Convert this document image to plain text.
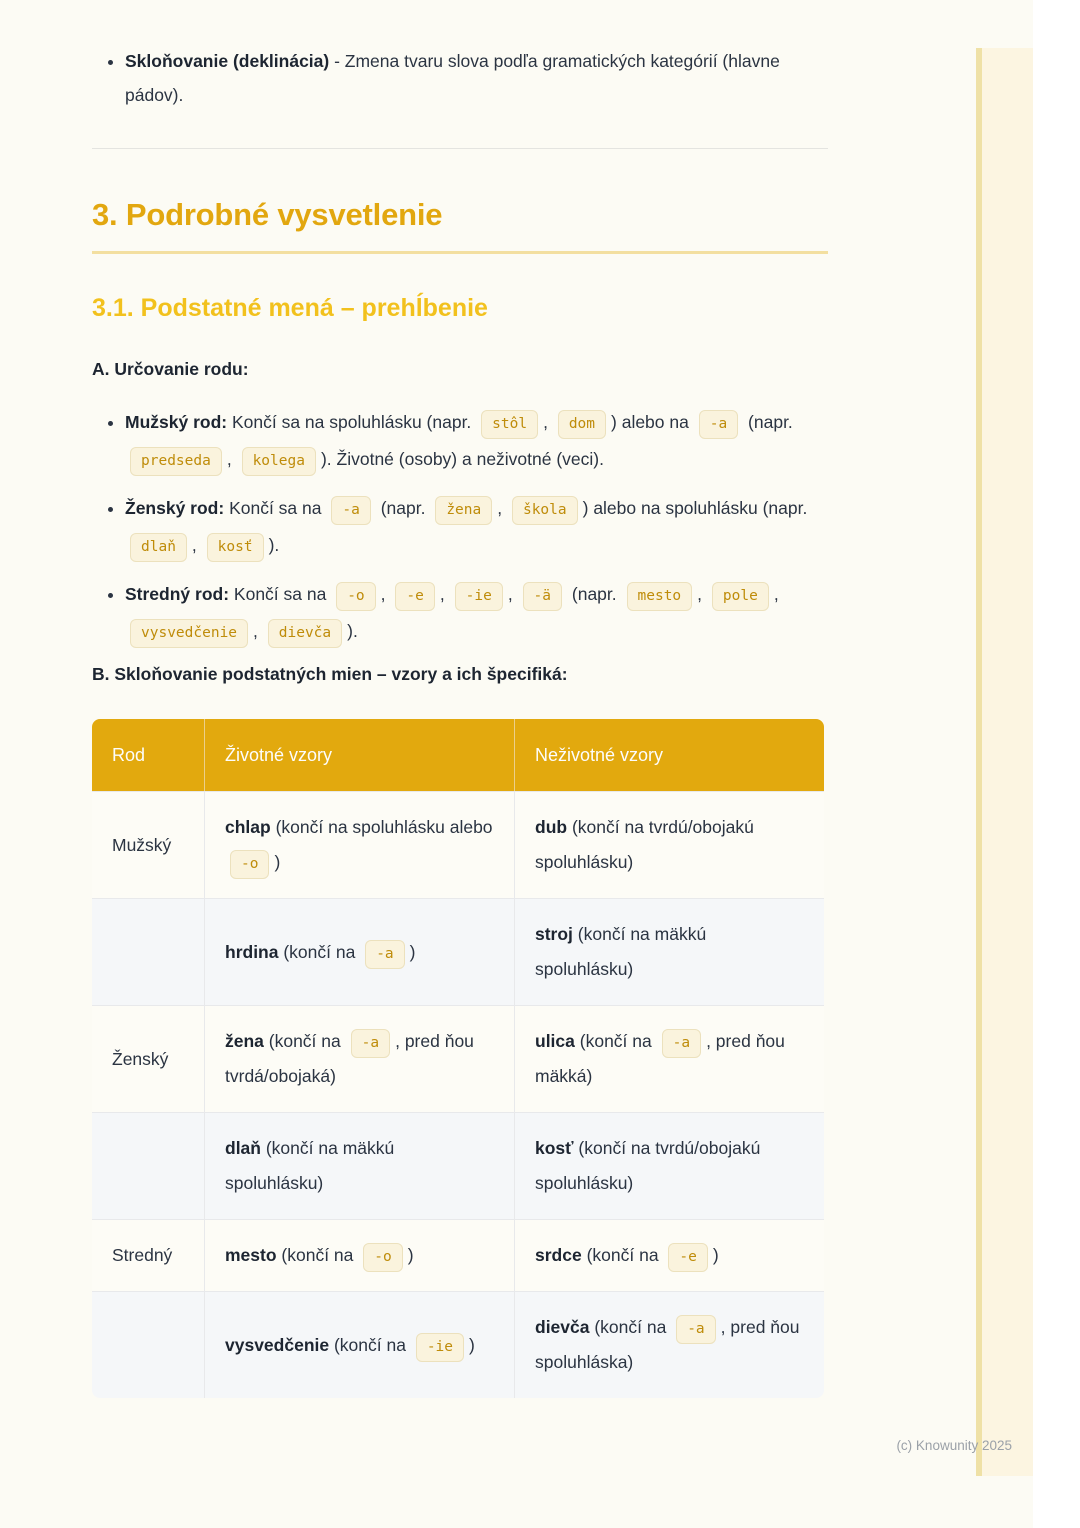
• Skloňovanie (deklinácia) - Zmena tvaru slova podľa gramatických kategórií (hlavne pádov).
3. Podrobné vysvetlenie
3.1. Podstatné mená – prehĺbenie

A. Určovanie rodu:

• Mužský rod: Končí sa na spoluhlásku (napr. stôl , dom ) alebo na -a (napr. predseda , kolega ). Životné (osoby) a neživotné (veci).
• Ženský rod: Končí sa na -a (napr. žena , škola ) alebo na spoluhlásku (napr. dlaň , kosť ).
• Stredný rod: Končí sa na -o , -e , -ie , -ä (napr. mesto , pole , vysvedčenie , dievča ).

B. Skloňovanie podstatných mien – vzory a ich špecifiká:

Rod	Životné vzory	Neživotné vzory
Mužský	chlap (končí na spoluhlásku alebo -o )	dub (končí na tvrdú/obojakú spoluhlásku)
	hrdina (končí na -a )	stroj (končí na mäkkú spoluhlásku)
Ženský	žena (končí na -a , pred ňou tvrdá/obojaká)	ulica (končí na -a , pred ňou mäkká)
	dlaň (končí na mäkkú spoluhlásku)	kosť (končí na tvrdú/obojakú spoluhlásku)
Stredný	mesto (končí na -o )	srdce (končí na -e )
	vysvedčenie (končí na -ie )	dievča (končí na -a , pred ňou spoluhláska)
(c) Knowunity 2025
